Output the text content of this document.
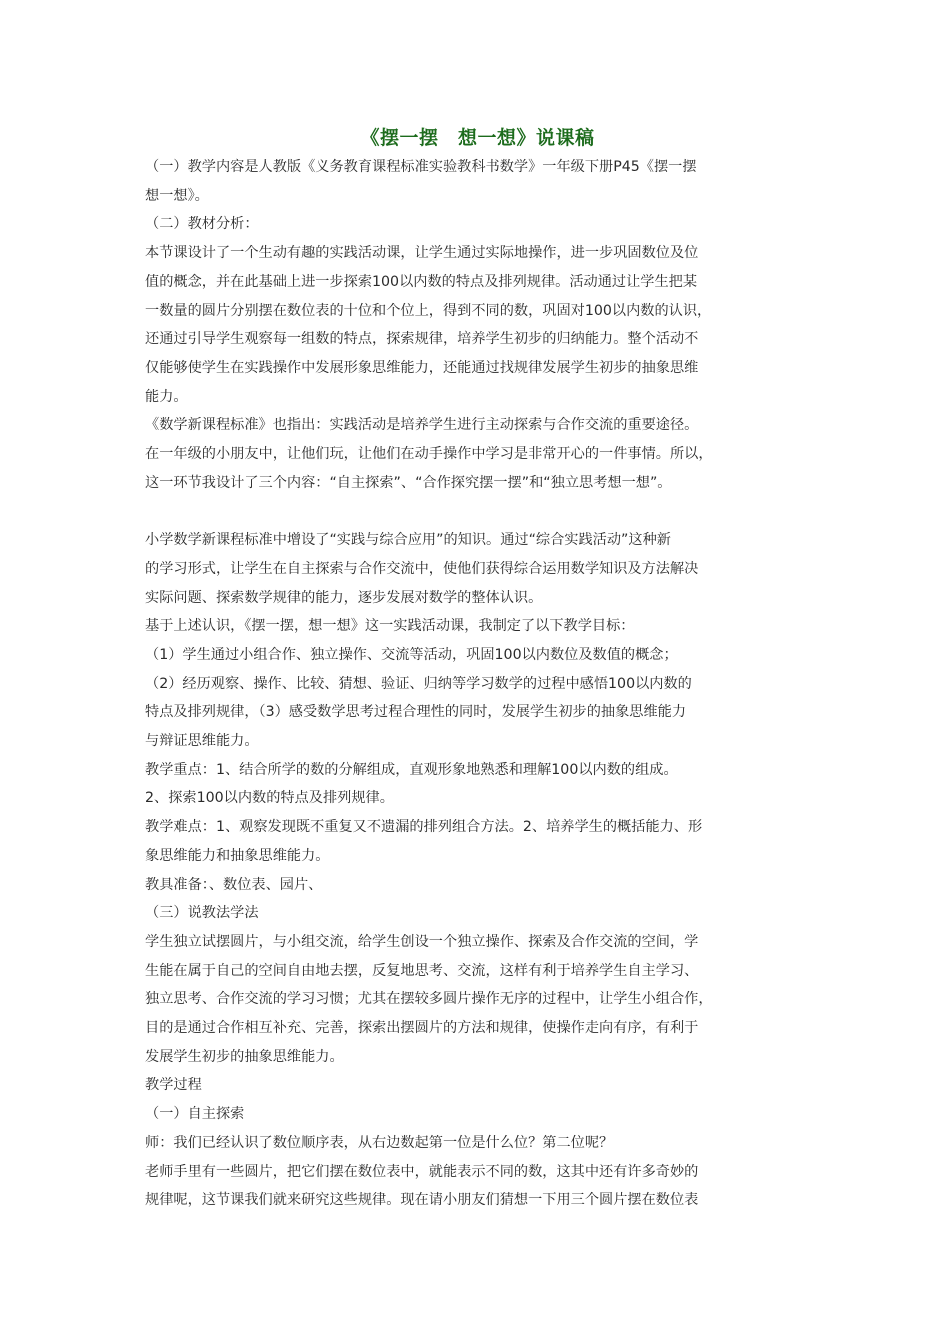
《摆一摆　想一想》说课稿

（一）教学内容是人教版《义务教育课程标准实验教科书数学》一年级下册P45《摆一摆

想一想》。

（二）教材分析：

本节课设计了一个生动有趣的实践活动课，让学生通过实际地操作，进一步巩固数位及位

值的概念，并在此基础上进一步探索100以内数的特点及排列规律。活动通过让学生把某

一数量的圆片分别摆在数位表的十位和个位上，得到不同的数，巩固对100以内数的认识，

还通过引导学生观察每一组数的特点，探索规律，培养学生初步的归纳能力。整个活动不

仅能够使学生在实践操作中发展形象思维能力，还能通过找规律发展学生初步的抽象思维

能力。

《数学新课程标准》也指出：实践活动是培养学生进行主动探索与合作交流的重要途径。

在一年级的小朋友中，让他们玩，让他们在动手操作中学习是非常开心的一件事情。所以，

这一环节我设计了三个内容：“自主探索”、“合作探究摆一摆”和“独立思考想一想”。

小学数学新课程标准中增设了“实践与综合应用”的知识。通过“综合实践活动”这种新

的学习形式，让学生在自主探索与合作交流中，使他们获得综合运用数学知识及方法解决

实际问题、探索数学规律的能力，逐步发展对数学的整体认识。

基于上述认识，《摆一摆，想一想》这一实践活动课，我制定了以下教学目标：

（1）学生通过小组合作、独立操作、交流等活动，巩固100以内数位及数值的概念；

（2）经历观察、操作、比较、猜想、验证、归纳等学习数学的过程中感悟100以内数的

特点及排列规律，（3）感受数学思考过程合理性的同时，发展学生初步的抽象思维能力

与辩证思维能力。

教学重点：1、结合所学的数的分解组成，直观形象地熟悉和理解100以内数的组成。

2、探索100以内数的特点及排列规律。

教学难点：1、观察发现既不重复又不遗漏的排列组合方法。2、培养学生的概括能力、形

象思维能力和抽象思维能力。

教具准备：、数位表、园片、

（三）说教法学法

学生独立试摆圆片，与小组交流，给学生创设一个独立操作、探索及合作交流的空间，学

生能在属于自己的空间自由地去摆，反复地思考、交流，这样有利于培养学生自主学习、

独立思考、合作交流的学习习惯；尤其在摆较多圆片操作无序的过程中，让学生小组合作，

目的是通过合作相互补充、完善，探索出摆圆片的方法和规律，使操作走向有序，有利于

发展学生初步的抽象思维能力。

教学过程

（一）自主探索

师：我们已经认识了数位顺序表，从右边数起第一位是什么位？第二位呢？

老师手里有一些圆片，把它们摆在数位表中，就能表示不同的数，这其中还有许多奇妙的

规律呢，这节课我们就来研究这些规律。现在请小朋友们猜想一下用三个圆片摆在数位表
